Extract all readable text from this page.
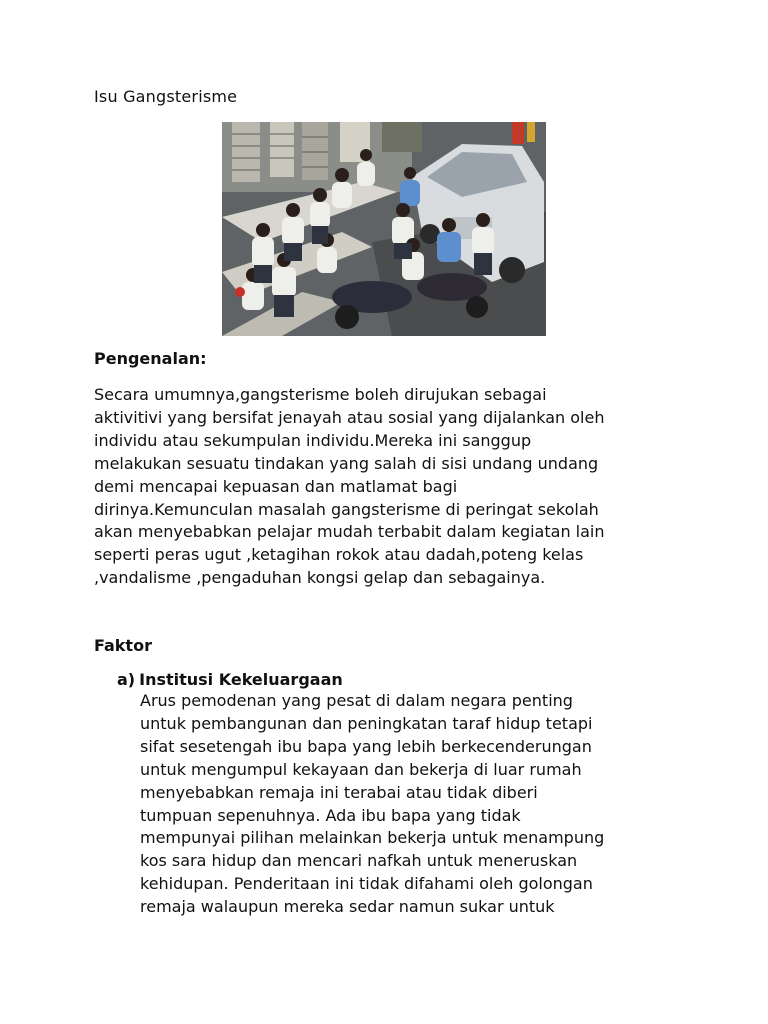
Isu Gangsterisme
Pengenalan:
Secara umumnya,gangsterisme boleh dirujukan sebagai
aktivitivi yang bersifat jenayah atau sosial yang dijalankan oleh
individu atau sekumpulan individu.Mereka ini sanggup
melakukan sesuatu tindakan yang salah di sisi undang undang
demi mencapai kepuasan dan matlamat bagi
dirinya.Kemunculan masalah gangsterisme di peringat sekolah
akan menyebabkan pelajar mudah terbabit dalam kegiatan lain
seperti peras ugut ,ketagihan rokok atau dadah,poteng kelas
,vandalisme ,pengaduhan kongsi gelap dan sebagainya.
Faktor
a) Institusi Kekeluargaan
Arus pemodenan yang pesat di dalam negara penting
untuk pembangunan dan peningkatan taraf hidup tetapi
sifat sesetengah ibu bapa yang lebih berkecenderungan
untuk mengumpul kekayaan dan bekerja di luar rumah
menyebabkan remaja ini terabai atau tidak diberi
tumpuan sepenuhnya. Ada ibu bapa yang tidak
mempunyai pilihan melainkan bekerja untuk menampung
kos sara hidup dan mencari nafkah untuk meneruskan
kehidupan. Penderitaan ini tidak difahami oleh golongan
remaja walaupun mereka sedar namun sukar untuk
